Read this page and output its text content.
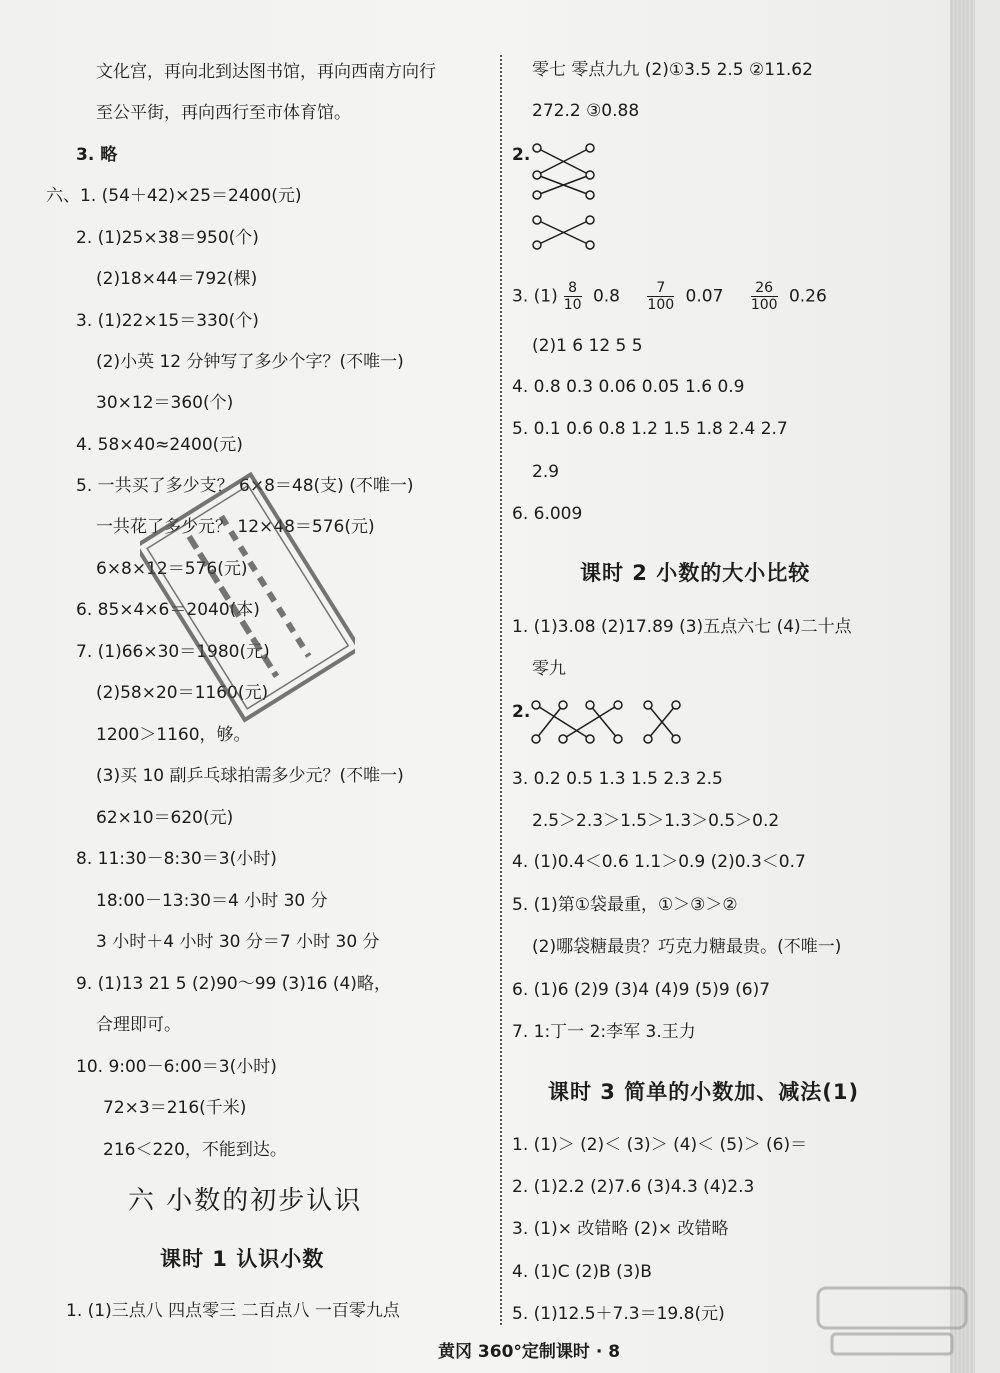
文化宫，再向北到达图书馆，再向西南方向行
至公平街，再向西行至市体育馆。
3. 略
六、1. (54＋42)×25＝2400(元)
2. (1)25×38＝950(个)
(2)18×44＝792(棵)
3. (1)22×15＝330(个)
(2)小英 12 分钟写了多少个字？(不唯一)
30×12＝360(个)
4. 58×40≈2400(元)
5. 一共买了多少支？ 6×8＝48(支) (不唯一)
一共花了多少元？ 12×48＝576(元)
6×8×12＝576(元)
6. 85×4×6＝2040(本)
7. (1)66×30＝1980(元)
(2)58×20＝1160(元)
1200＞1160，够。
(3)买 10 副乒乓球拍需多少元？(不唯一)
62×10＝620(元)
8. 11:30－8:30＝3(小时)
18:00－13:30＝4 小时 30 分
3 小时＋4 小时 30 分＝7 小时 30 分
9. (1)13 21 5 (2)90～99 (3)16 (4)略，
合理即可。
10. 9:00－6:00＝3(小时)
72×3＝216(千米)
216＜220，不能到达。
六 小数的初步认识
课时 1 认识小数
1. (1)三点八 四点零三 二百点八 一百零九点
零七 零点九九 (2)①3.5 2.5 ②11.62
272.2 ③0.88
2.
3. $(1) \frac{8}{10} 0.8 \frac{7}{100} 0.07 \frac{26}{100} 0.26$
(2)1 6 12 5 5
4. 0.8 0.3 0.06 0.05 1.6 0.9
5. 0.1 0.6 0.8 1.2 1.5 1.8 2.4 2.7
2.9
6. 6.009
课时 2 小数的大小比较
1. (1)3.08 (2)17.89 (3)五点六七 (4)二十点
零九
2.
3. 0.2 0.5 1.3 1.5 2.3 2.5
2.5＞2.3＞1.5＞1.3＞0.5＞0.2
4. (1)0.4＜0.6 1.1＞0.9 (2)0.3＜0.7
5. (1)第①袋最重，①＞③＞②
(2)哪袋糖最贵？巧克力糖最贵。(不唯一)
6. (1)6 (2)9 (3)4 (4)9 (5)9 (6)7
7. 1:丁一 2:李军 3.王力
课时 3 简单的小数加、减法(1)
1. (1)＞ (2)＜ (3)＞ (4)＜ (5)＞ (6)＝
2. (1)2.2 (2)7.6 (3)4.3 (4)2.3
3. (1)× 改错略 (2)× 改错略
4. (1)C (2)B (3)B
5. (1)12.5＋7.3＝19.8(元)
黄冈 360°定制课时 · 8
